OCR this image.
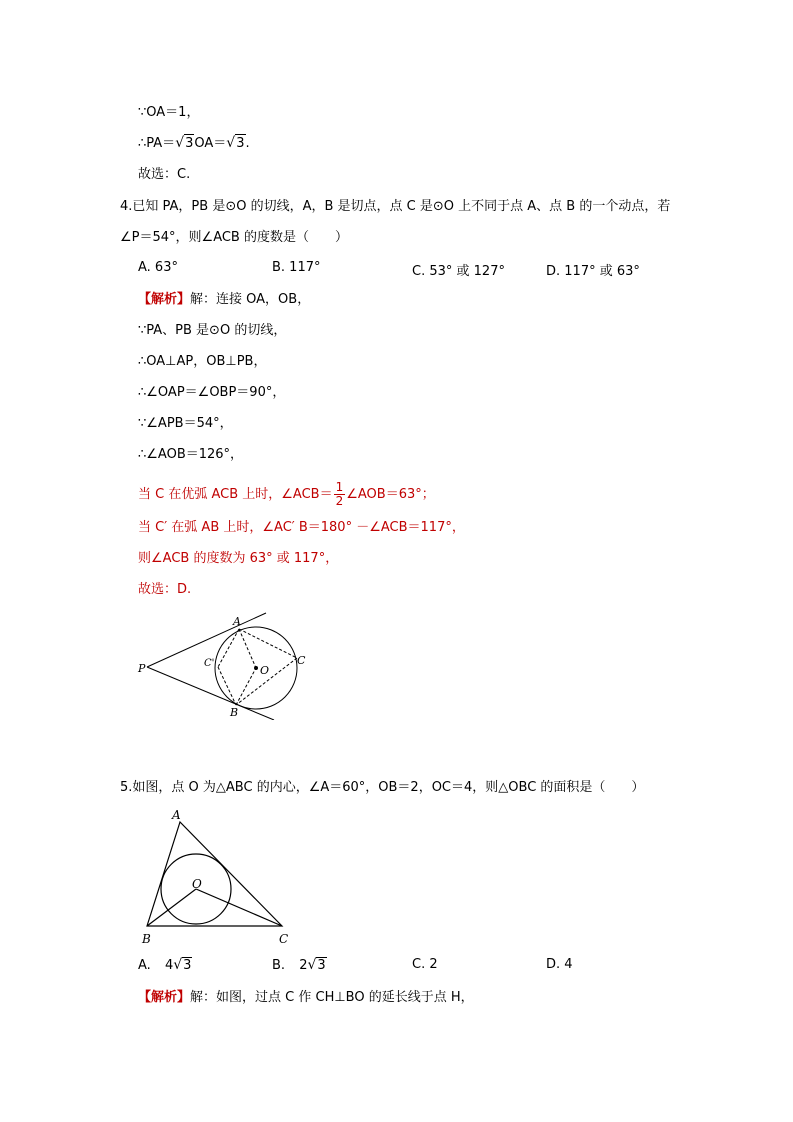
∵OA＝1，
∴PA＝√3OA＝√3.
故选：C.
4.已知 PA，PB 是⊙O 的切线，A，B 是切点，点 C 是⊙O 上不同于点 A、点 B 的一个动点，若
∠P＝54°，则∠ACB 的度数是（　　）
A. 63°	B. 117°	C. 53° 或 127°	D. 117° 或 63°
【解析】解：连接 OA，OB，
∵PA、PB 是⊙O 的切线，
∴OA⊥AP，OB⊥PB，
∴∠OAP＝∠OBP＝90°，
∵∠APB＝54°，
∴∠AOB＝126°，
当 C 在优弧 ACB 上时，∠ACB＝ $\frac{1}{2}$ ∠AOB＝63°；
当 C′ 在弧 AB 上时，∠AC′ B＝180° －∠ACB＝117°，
则∠ACB 的度数为 63° 或 117°，
故选：D.
A
B
C
C'
O
P
5.如图，点 O 为△ABC 的内心，∠A＝60°，OB＝2，OC＝4，则△OBC 的面积是（　　）
A
B	C
O
A. 4√3	B. 2√3	C. 2	D. 4
【解析】解：如图，过点 C 作 CH⊥BO 的延长线于点 H，
